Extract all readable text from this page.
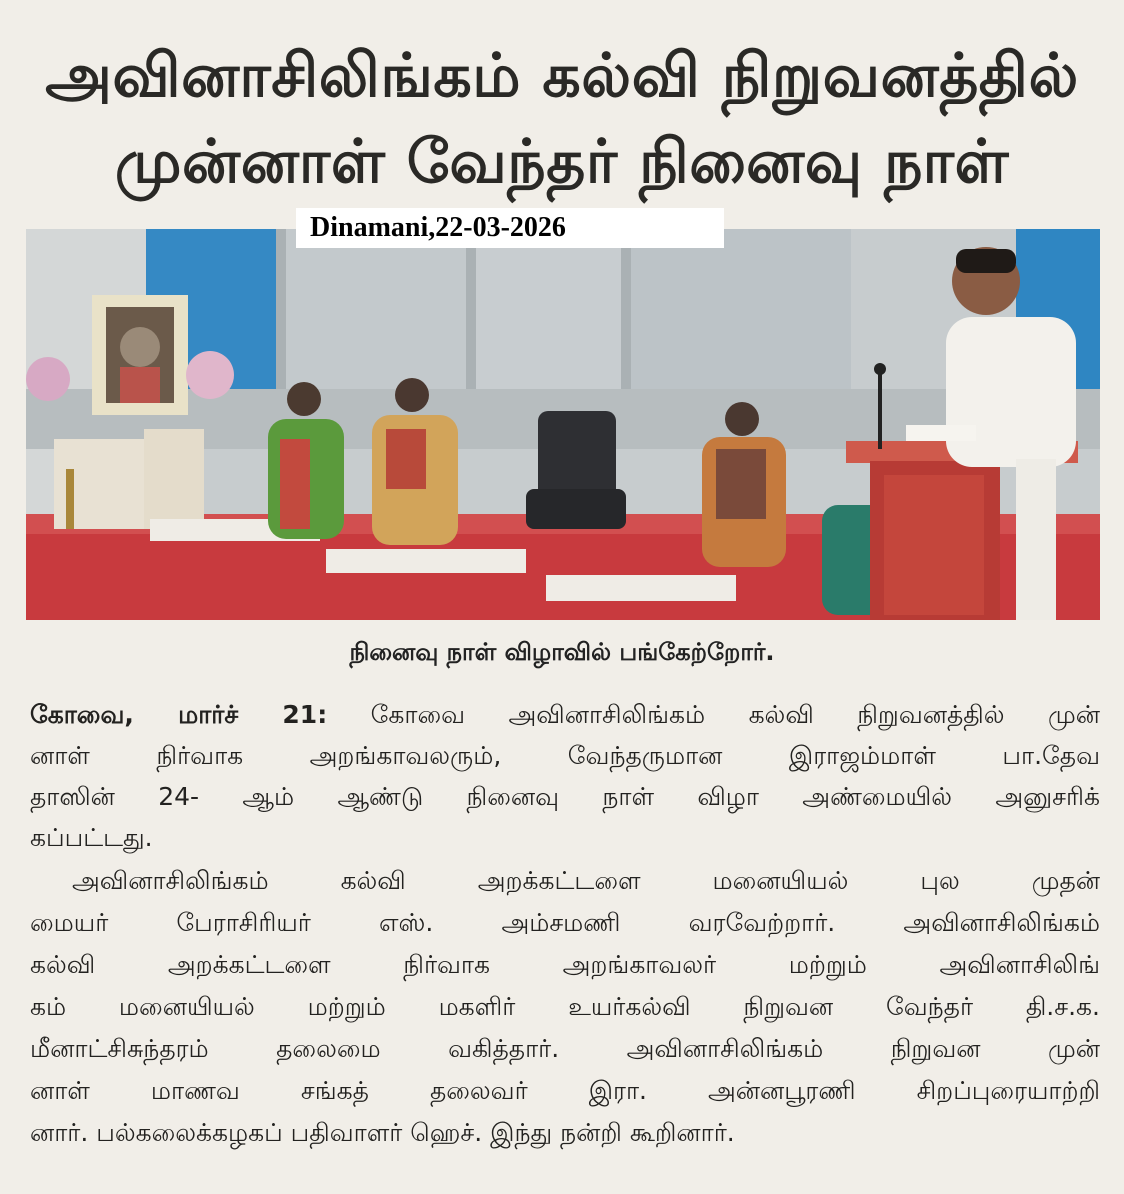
அவினாசிலிங்கம் கல்வி நிறுவனத்தில்
முன்னாள் வேந்தர் நினைவு நாள்
Dinamani,22-03-2026
நினைவு நாள் விழாவில் பங்கேற்றோர்.
கோவை, மார்ச் 21: கோவை அவினாசிலிங்கம் கல்வி நிறுவனத்தில் முன்
னாள் நிர்வாக அறங்காவலரும், வேந்தருமான இராஜம்மாள் பா.தேவ
தாஸின் 24- ஆம் ஆண்டு நினைவு நாள் விழா அண்மையில் அனுசரிக்
கப்பட்டது.
அவினாசிலிங்கம் கல்வி அறக்கட்டளை மனையியல் புல முதன்
மையர் பேராசிரியர் எஸ். அம்சமணி வரவேற்றார். அவினாசிலிங்கம்
கல்வி அறக்கட்டளை நிர்வாக அறங்காவலர் மற்றும் அவினாசிலிங்
கம் மனையியல் மற்றும் மகளிர் உயர்கல்வி நிறுவன வேந்தர் தி.ச.க.
மீனாட்சிசுந்தரம் தலைமை வகித்தார். அவினாசிலிங்கம் நிறுவன முன்
னாள் மாணவ சங்கத் தலைவர் இரா. அன்னபூரணி சிறப்புரையாற்றி
னார். பல்கலைக்கழகப் பதிவாளர் ஹெச். இந்து நன்றி கூறினார்.
